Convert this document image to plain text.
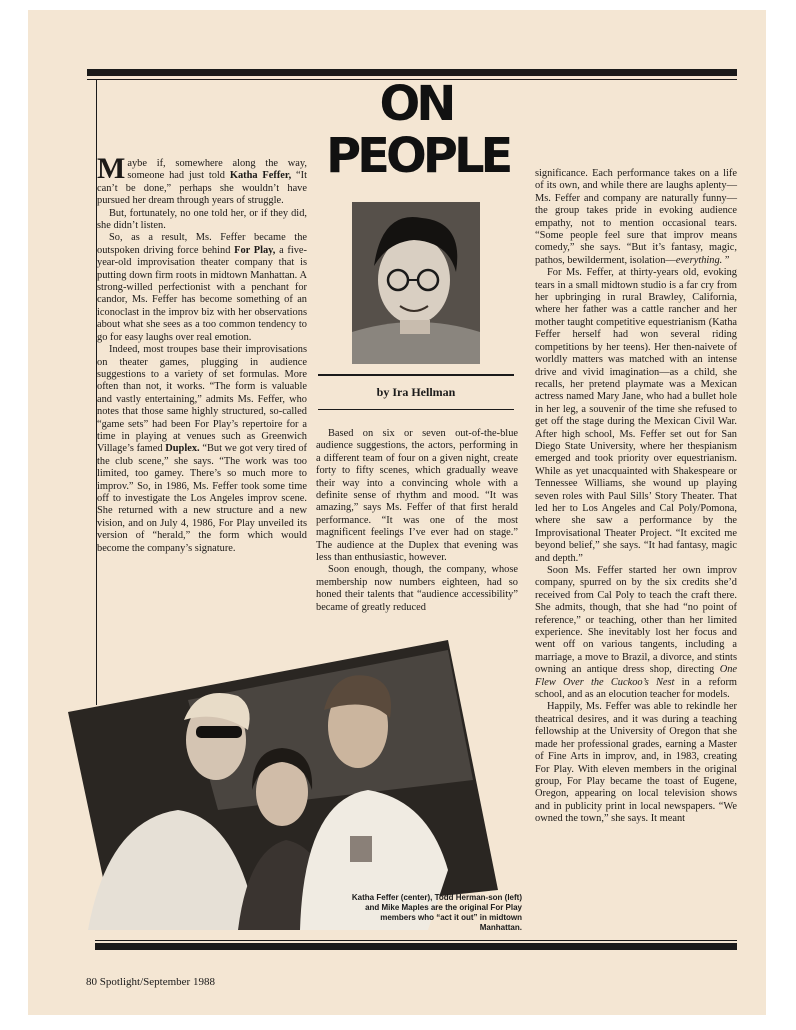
ON
PEOPLE
by Ira Hellman

Maybe if, somewhere along the way, someone had just told Katha Feffer, “It can’t be done,” perhaps she wouldn’t have pursued her dream through years of struggle.

But, fortunately, no one told her, or if they did, she didn’t listen.

So, as a result, Ms. Feffer became the outspoken driving force behind For Play, a five-year-old improvisation theater company that is putting down firm roots in midtown Manhattan. A strong-willed perfectionist with a penchant for candor, Ms. Feffer has become something of an iconoclast in the improv biz with her observations about what she sees as a too common tendency to go for easy laughs over real emotion.

Indeed, most troupes base their improvisations on theater games, plugging in audience suggestions to a variety of set formulas. More often than not, it works. “The form is valuable and vastly entertaining,” admits Ms. Feffer, who notes that those same highly structured, so-called “game sets” had been For Play’s repertoire for a time in playing at venues such as Greenwich Village’s famed Duplex. “But we got very tired of the club scene,” she says. “The work was too limited, too gamey. There’s so much more to improv.” So, in 1986, Ms. Feffer took some time off to investigate the Los Angeles improv scene. She returned with a new structure and a new vision, and on July 4, 1986, For Play unveiled its version of “herald,” the form which would become the company’s signature.

Based on six or seven out-of-the-blue audience suggestions, the actors, performing in a different team of four on a given night, create forty to fifty scenes, which gradually weave their way into a convincing whole with a definite sense of rhythm and mood. “It was amazing,” says Ms. Feffer of that first herald performance. “It was one of the most magnificent feelings I’ve ever had on stage.” The audience at the Duplex that evening was less than enthusiastic, however.

Soon enough, though, the company, whose membership now numbers eighteen, had so honed their talents that “audience accessibility” became of greatly reduced

significance. Each performance takes on a life of its own, and while there are laughs aplenty—Ms. Feffer and company are naturally funny—the group takes pride in evoking audience empathy, not to mention occasional tears. “Some people feel sure that improv means comedy,” she says. “But it’s fantasy, magic, pathos, bewilderment, isolation—everything. ”

For Ms. Feffer, at thirty-years old, evoking tears in a small midtown studio is a far cry from her upbringing in rural Brawley, California, where her father was a cattle rancher and her mother taught competitive equestrianism (Katha Feffer herself had won several riding competitions by her teens). Her then-naivete of worldly matters was matched with an intense drive and vivid imagination—as a child, she recalls, her pretend playmate was a Mexican actress named Mary Jane, who had a bullet hole in her leg, a souvenir of the time she refused to get off the stage during the Mexican Civil War. After high school, Ms. Feffer set out for San Diego State University, where her thespianism emerged and took priority over equestrianism. While as yet unacquainted with Shakespeare or Tennessee Williams, she wound up playing seven roles with Paul Sills’ Story Theater. That led her to Los Angeles and Cal Poly/Pomona, where she saw a performance by the Improvisational Theater Project. “It excited me beyond belief,” she says. “It had fantasy, magic and depth.”

Soon Ms. Feffer started her own improv company, spurred on by the six credits she’d received from Cal Poly to teach the craft there. She admits, though, that she had “no point of reference,” or teaching, other than her limited experience. She inevitably lost her focus and went off on various tangents, including a marriage, a move to Brazil, a divorce, and stints owning an antique dress shop, directing One Flew Over the Cuckoo’s Nest in a reform school, and as an elocution teacher for models.

Happily, Ms. Feffer was able to rekindle her theatrical desires, and it was during a teaching fellowship at the University of Oregon that she made her professional grades, earning a Master of Fine Arts in improv, and, in 1983, creating For Play. With eleven members in the original group, For Play became the toast of Eugene, Oregon, appearing on local television shows and in publicity print in local newspapers. “We owned the town,” she says. It meant

Katha Feffer (center), Todd Herman-son (left) and Mike Maples are the original For Play members who “act it out” in midtown Manhattan.
80 Spotlight/September 1988
